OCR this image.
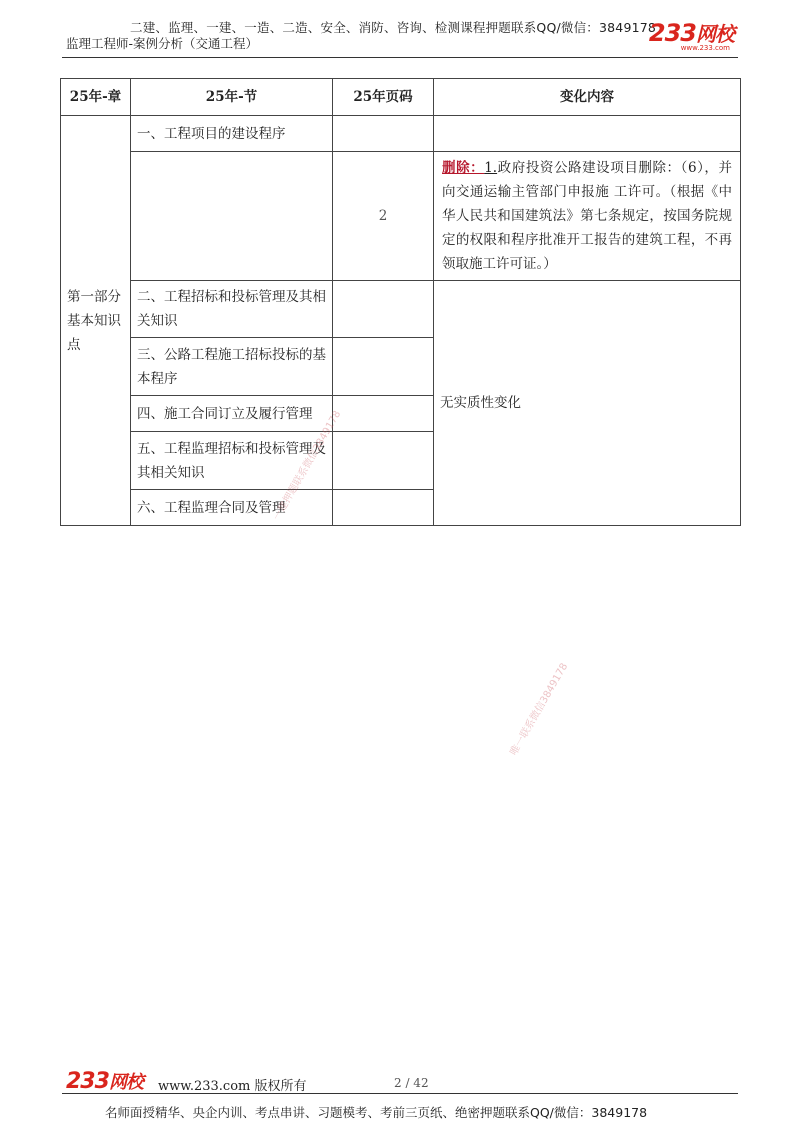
二建、监理、一建、一造、二造、安全、消防、咨询、检测课程押题联系QQ/微信：3849178
监理工程师-案例分析（交通工程）	233网校
www.233.com
25年-章	25年-节	25年页码	变化内容
第一部分基本知识点	一、工程项目的建设程序		
		2	删除：1.政府投资公路建设项目删除：（6），并向交通运输主管部门申报施 工许可。（根据《中华人民共和国建筑法》第七条规定，按国务院规定的权限和程序批准开工报告的建筑工程，不再领取施工许可证。）
	二、工程招标和投标管理及其相关知识		无实质性变化
	三、公路工程施工招标投标的基本程序		
	四、施工合同订立及履行管理		
	五、工程监理招标和投标管理及其相关知识		
	六、工程监理合同及管理		
一建押题联系微信3849178
唯一联系微信3849178
233网校 www.233.com 版权所有	2 / 42
名师面授精华、央企内训、考点串讲、习题模考、考前三页纸、绝密押题联系QQ/微信：3849178
